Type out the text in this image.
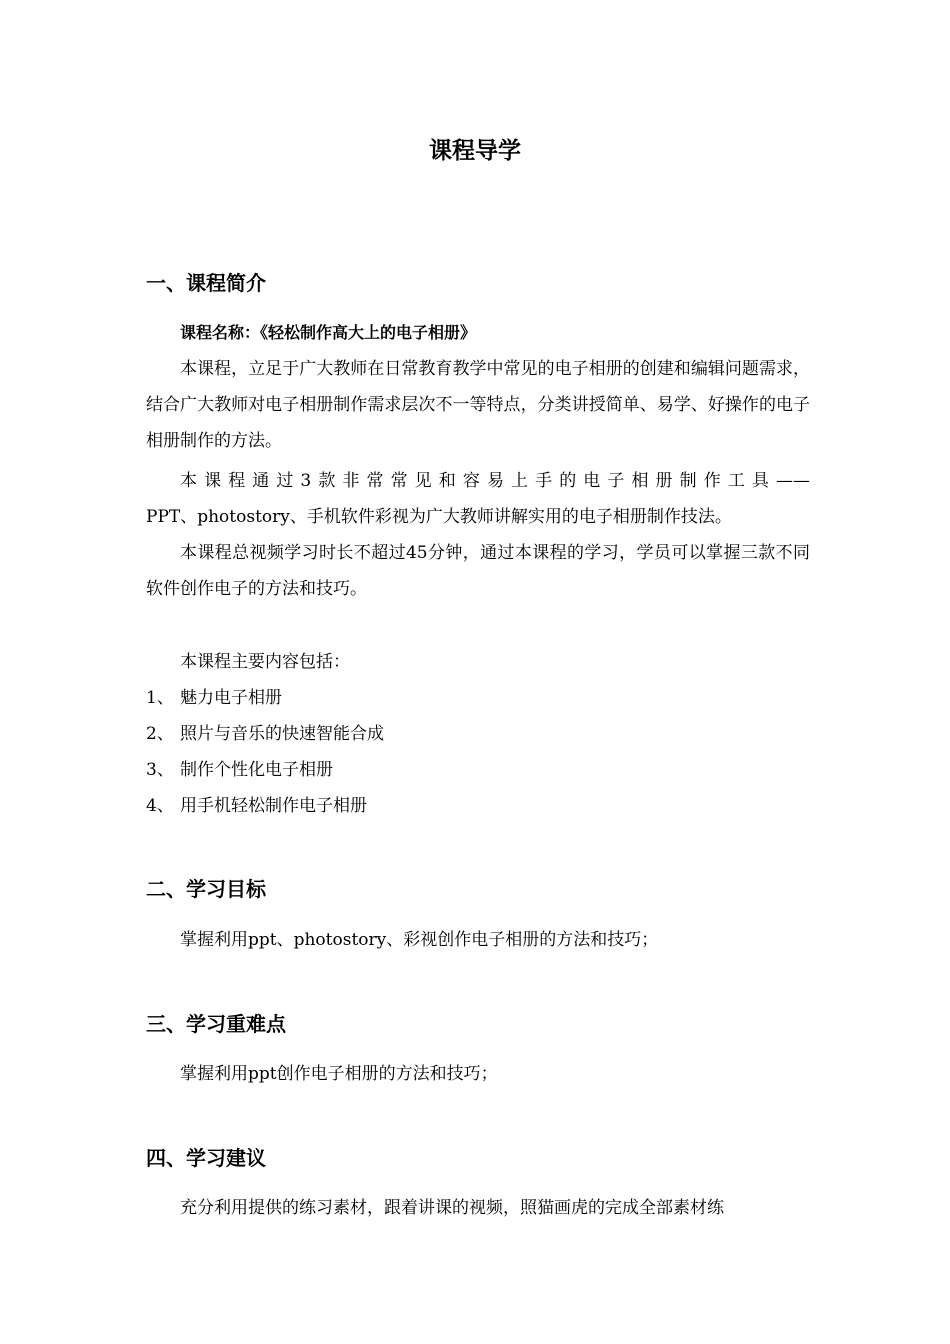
课程导学
一、课程简介

课程名称：《轻松制作高大上的电子相册》

本课程，立足于广大教师在日常教育教学中常见的电子相册的创建和编辑问题需求，结合广大教师对电子相册制作需求层次不一等特点，分类讲授简单、易学、好操作的电子相册制作的方法。

本课程通过3款非常常见和容易上手的电子相册制作工具——

PPT、photostory、手机软件彩视为广大教师讲解实用的电子相册制作技法。

本课程总视频学习时长不超过45分钟，通过本课程的学习，学员可以掌握三款不同软件创作电子的方法和技巧。

本课程主要内容包括：

1、 魅力电子相册

2、 照片与音乐的快速智能合成

3、 制作个性化电子相册

4、 用手机轻松制作电子相册

二、学习目标

掌握利用ppt、photostory、彩视创作电子相册的方法和技巧；

三、学习重难点

掌握利用ppt创作电子相册的方法和技巧；

四、学习建议

充分利用提供的练习素材，跟着讲课的视频，照猫画虎的完成全部素材练
